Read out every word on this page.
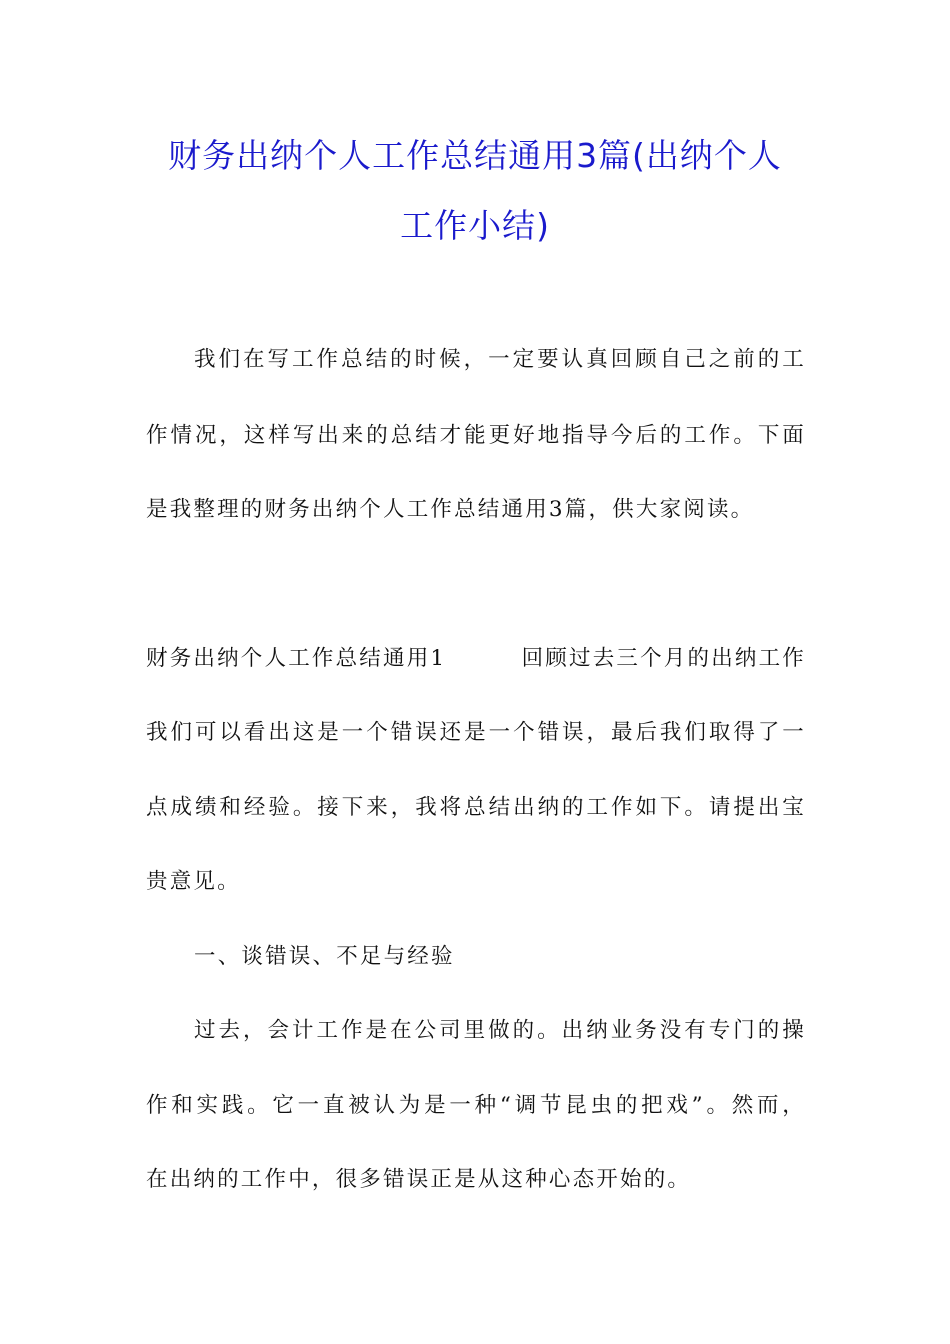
财务出纳个人工作总结通用3篇(出纳个人
工作小结)
我们在写工作总结的时候，一定要认真回顾自己之前的工
作情况，这样写出来的总结才能更好地指导今后的工作。下面
是我整理的财务出纳个人工作总结通用3篇，供大家阅读。
财务出纳个人工作总结通用1	回顾过去三个月的出纳工作
我们可以看出这是一个错误还是一个错误，最后我们取得了一
点成绩和经验。接下来，我将总结出纳的工作如下。请提出宝
贵意见。
一、谈错误、不足与经验
过去，会计工作是在公司里做的。出纳业务没有专门的操
作和实践。它一直被认为是一种“调节昆虫的把戏”。然而，
在出纳的工作中，很多错误正是从这种心态开始的。
